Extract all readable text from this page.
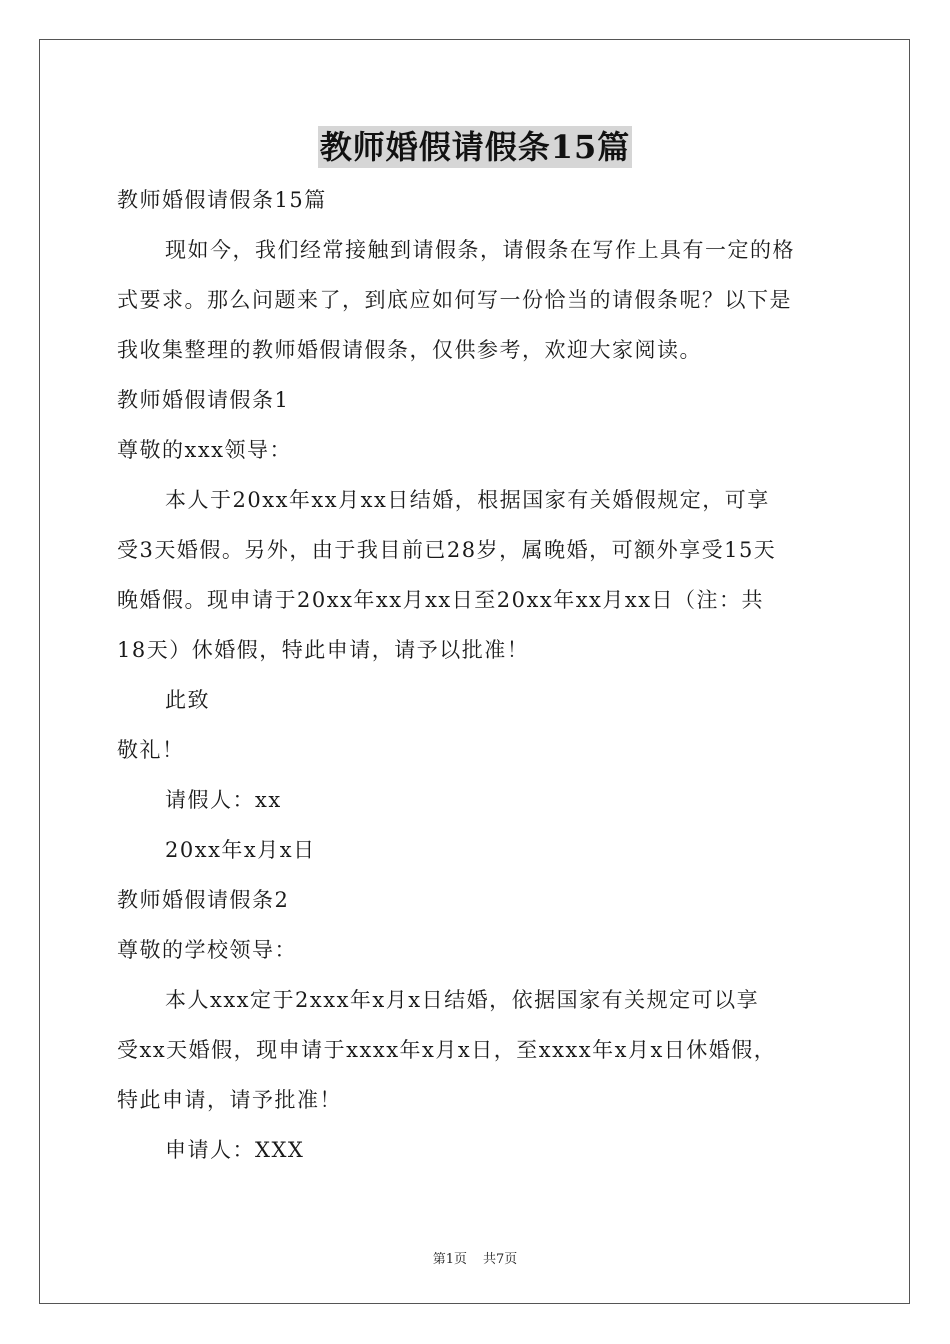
教师婚假请假条15篇
教师婚假请假条15篇
现如今，我们经常接触到请假条，请假条在写作上具有一定的格
式要求。那么问题来了，到底应如何写一份恰当的请假条呢？以下是
我收集整理的教师婚假请假条，仅供参考，欢迎大家阅读。
教师婚假请假条1
尊敬的xxx领导：
本人于20xx年xx月xx日结婚，根据国家有关婚假规定，可享
受3天婚假。另外，由于我目前已28岁，属晚婚，可额外享受15天
晚婚假。现申请于20xx年xx月xx日至20xx年xx月xx日（注：共
18天）休婚假，特此申请，请予以批准！
此致
敬礼！
请假人：xx
20xx年x月x日
教师婚假请假条2
尊敬的学校领导：
本人xxx定于2xxx年x月x日结婚，依据国家有关规定可以享
受xx天婚假，现申请于xxxx年x月x日，至xxxx年x月x日休婚假，
特此申请，请予批准！
申请人：XXX
第1页 共7页
